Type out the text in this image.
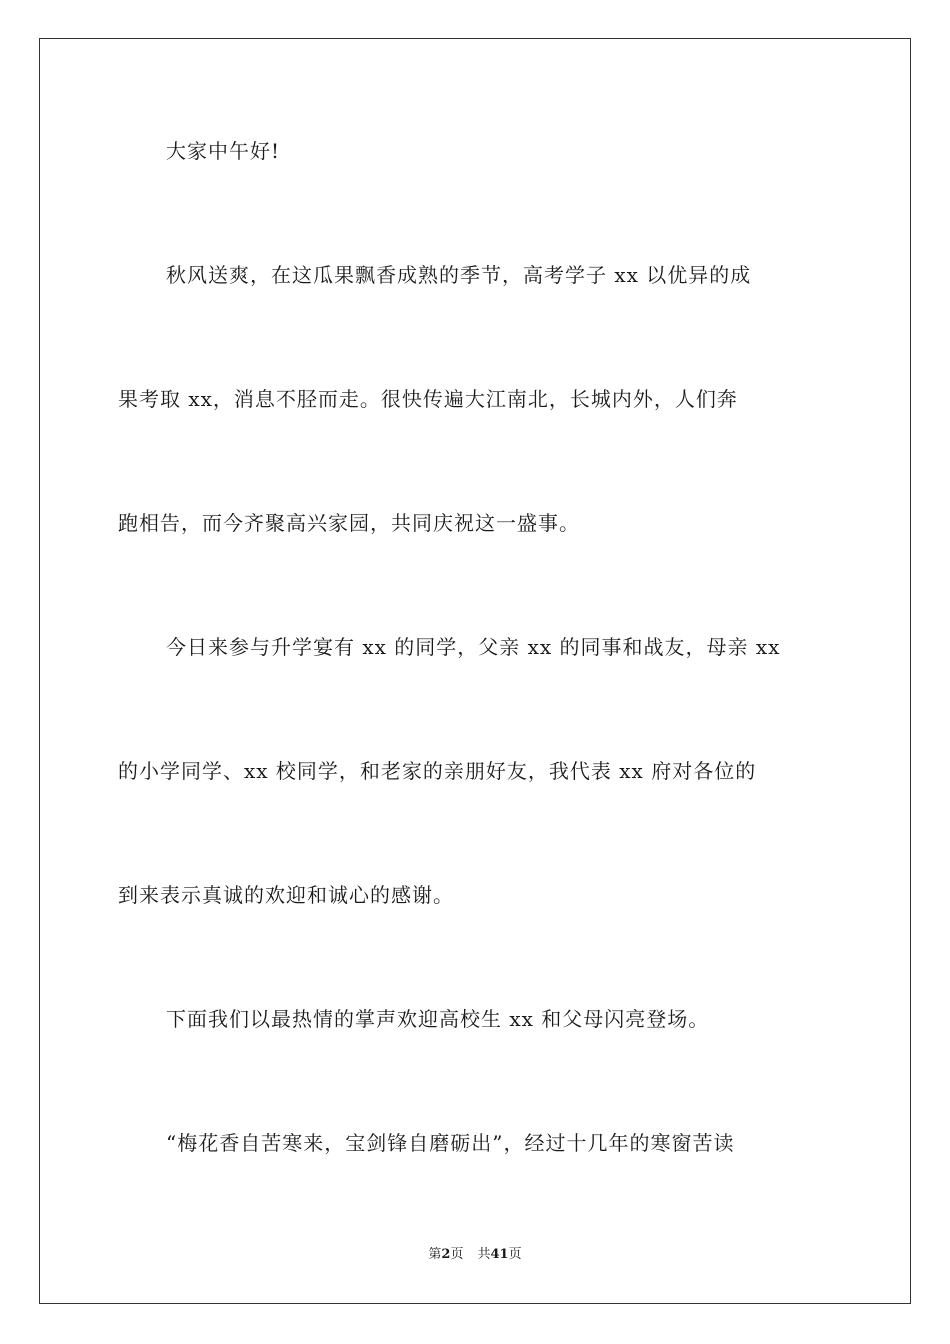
大家中午好!
秋风送爽，在这瓜果飘香成熟的季节，高考学子 xx 以优异的成
果考取 xx，消息不胫而走。很快传遍大江南北，长城内外，人们奔
跑相告，而今齐聚高兴家园，共同庆祝这一盛事。
今日来参与升学宴有 xx 的同学，父亲 xx 的同事和战友，母亲 xx
的小学同学、xx 校同学，和老家的亲朋好友，我代表 xx 府对各位的
到来表示真诚的欢迎和诚心的感谢。
下面我们以最热情的掌声欢迎高校生 xx 和父母闪亮登场。
“梅花香自苦寒来，宝剑锋自磨砺出”，经过十几年的寒窗苦读
第2页 共41页
